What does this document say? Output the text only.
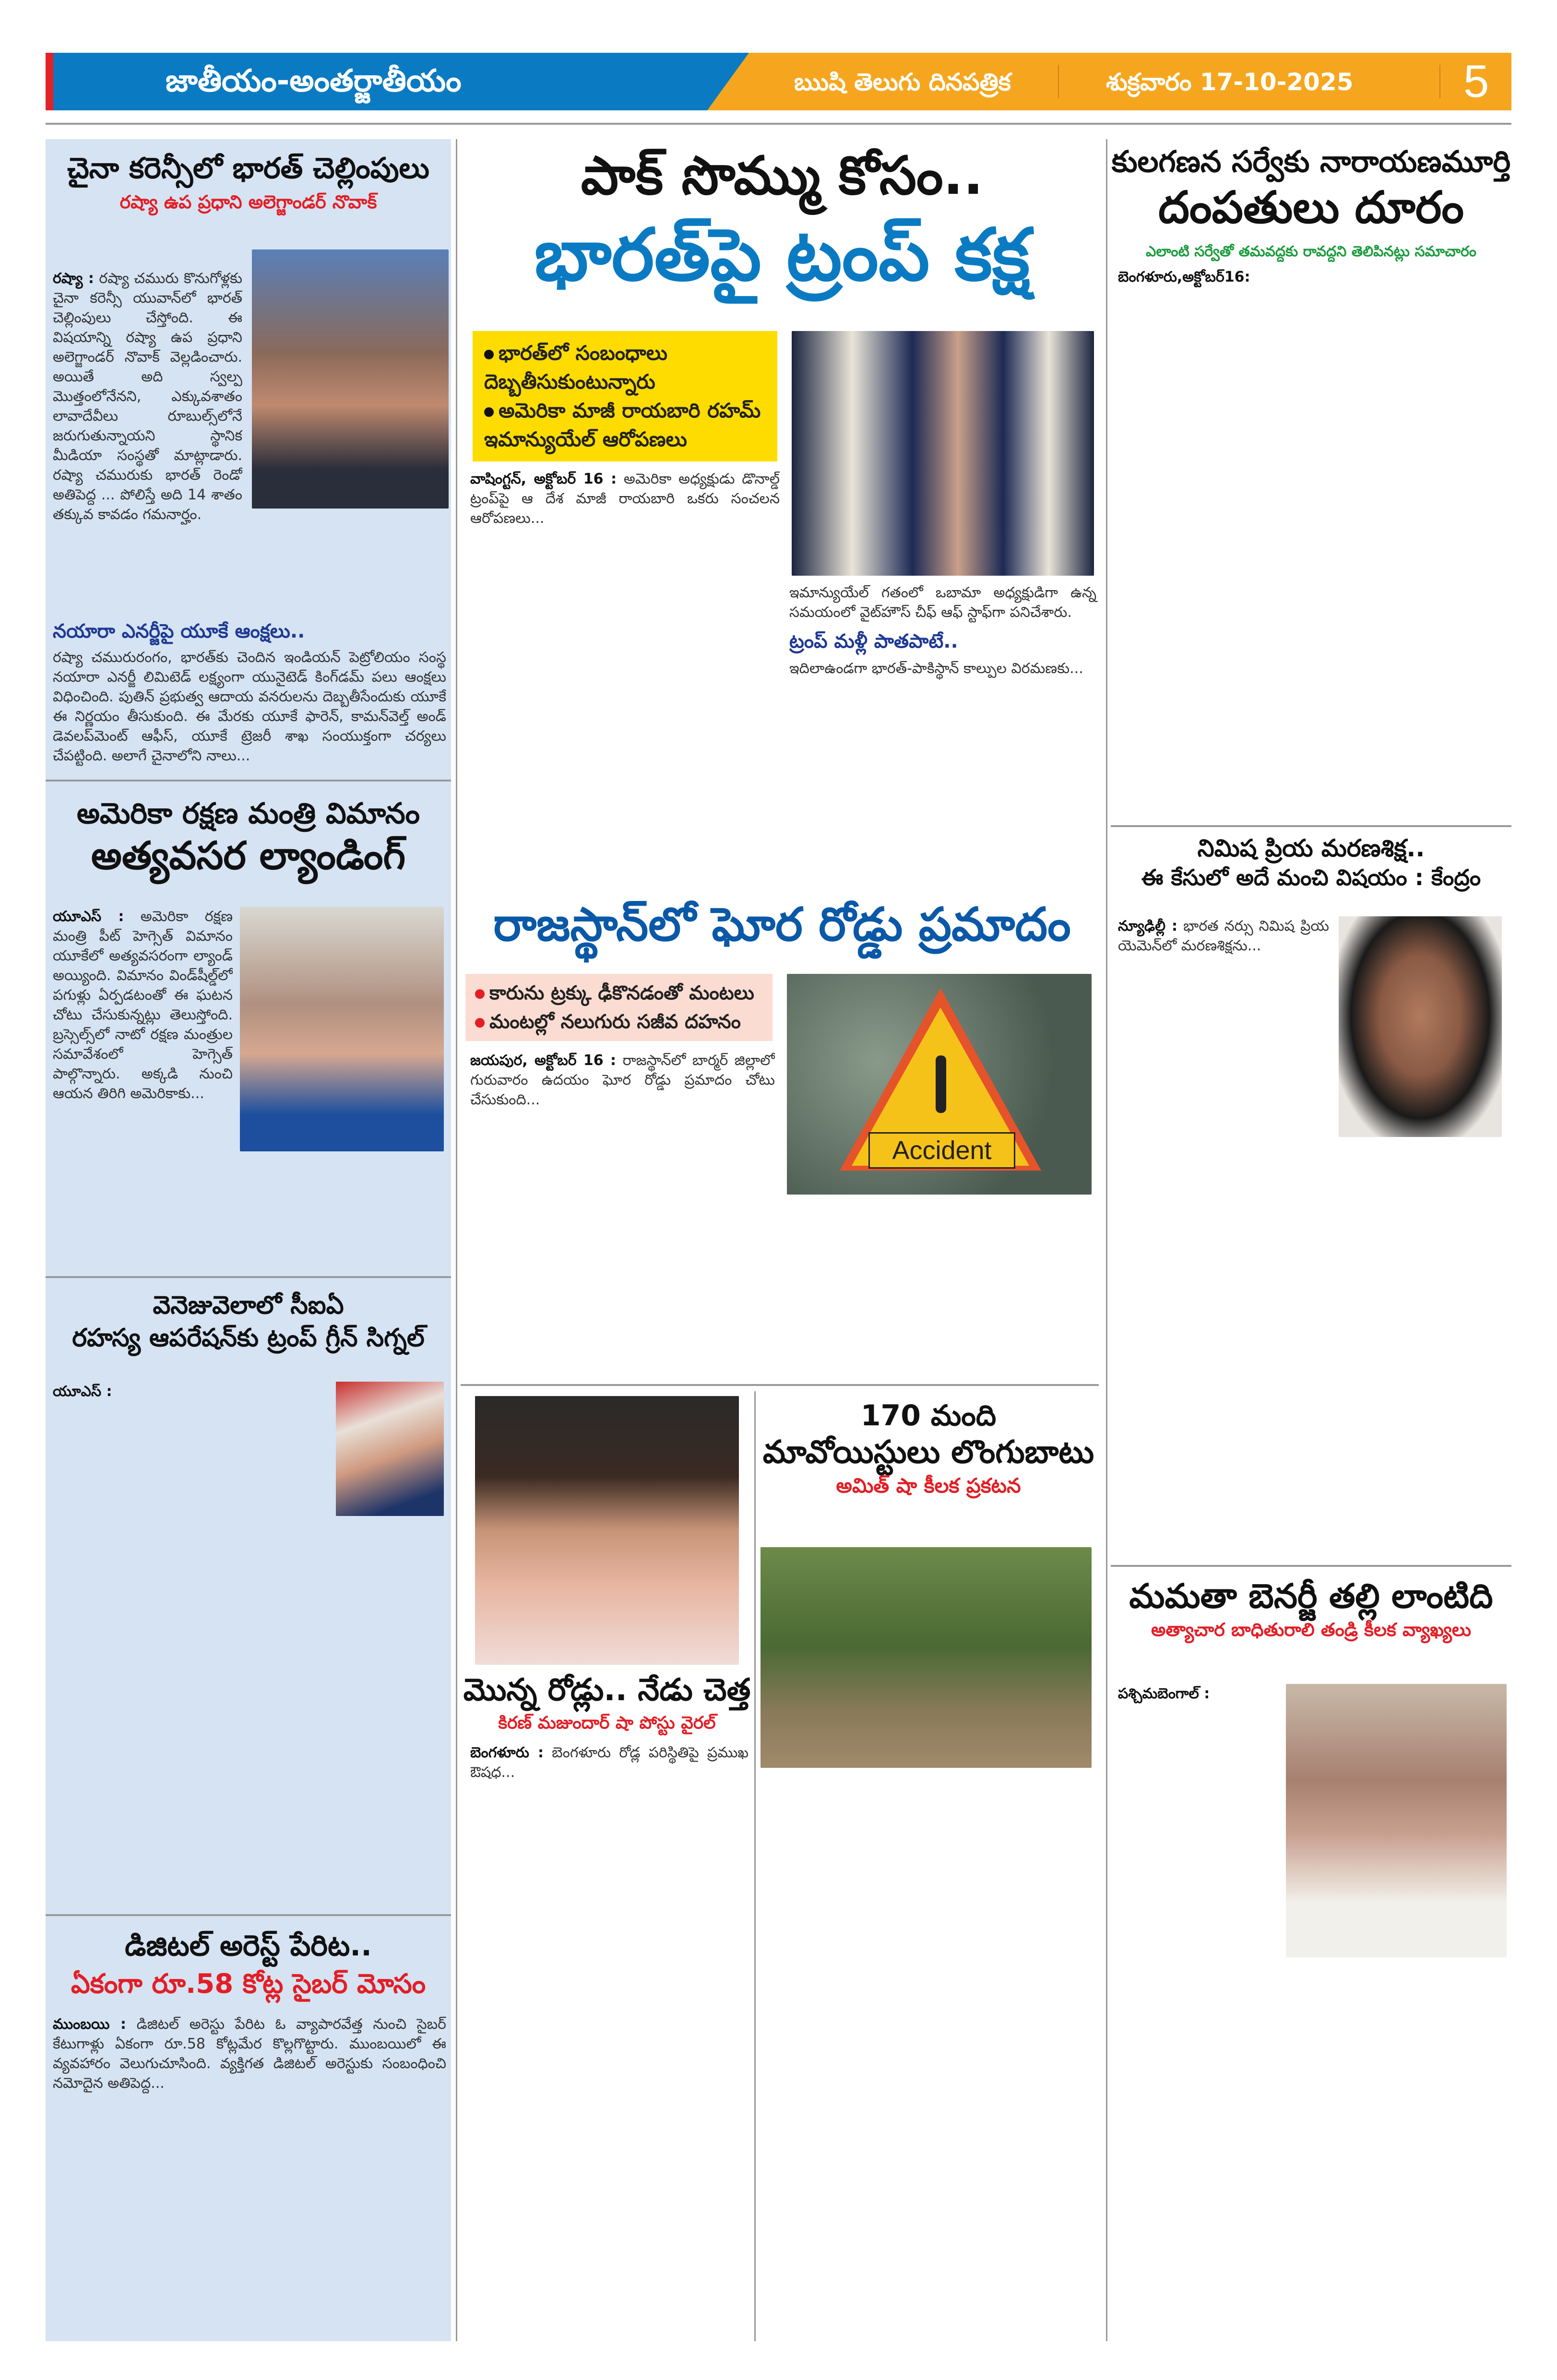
జాతీయం-అంతర్జాతీయం	ఋషి తెలుగు దినపత్రిక	శుక్రవారం 17-10-2025 5
చైనా కరెన్సీలో భారత్ చెల్లింపులు
రష్యా ఉప ప్రధాని అలెగ్జాండర్ నొవాక్
రష్యా : రష్యా చమురు కొనుగోళ్లకు చైనా కరెన్సీ యువాన్‌లో భారత్ చెల్లింపులు చేస్తోంది. ఈ విషయాన్ని రష్యా ఉప ప్రధాని అలెగ్జాండర్ నొవాక్ వెల్లడించారు. అయితే అది స్వల్ప మొత్తంలోనేనని, ఎక్కువశాతం లావాదేవీలు రూబుల్స్‌లోనే జరుగుతున్నాయని స్థానిక మీడియా సంస్థతో మాట్లాడారు. రష్యా చమురుకు భారత్ రెండో అతిపెద్ద ... పోలిస్తే అది 14 శాతం తక్కువ కావడం గమనార్హం.
నయారా ఎనర్జీపై యూకే ఆంక్షలు..
రష్యా చమురురంగం, భారత్‌కు చెందిన ఇండియన్ పెట్రోలియం సంస్థ నయారా ఎనర్జీ లిమిటెడ్ లక్ష్యంగా యునైటెడ్ కింగ్‌డమ్ పలు ఆంక్షలు విధించింది. పుతిన్ ప్రభుత్వ ఆదాయ వనరులను దెబ్బతీసేందుకు యూకే ఈ నిర్ణయం తీసుకుంది. ఈ మేరకు యూకే ఫారెన్, కామన్‌వెల్త్ అండ్ డెవలప్‌మెంట్ ఆఫీస్, యూకే ట్రెజరీ శాఖ సంయుక్తంగా చర్యలు చేపట్టింది. అలాగే చైనాలోని నాలు...
అమెరికా రక్షణ మంత్రి విమానం
అత్యవసర ల్యాండింగ్
యూఎస్ : అమెరికా రక్షణ మంత్రి పీట్ హెగ్సెత్ విమానం యూకేలో అత్యవసరంగా ల్యాండ్ అయ్యింది. విమానం విండ్‌షీల్డ్‌లో పగుళ్లు ఏర్పడటంతో ఈ ఘటన చోటు చేసుకున్నట్లు తెలుస్తోంది. బ్రస్సెల్స్‌లో నాటో రక్షణ మంత్రుల సమావేశంలో హెగ్సెత్ పాల్గొన్నారు. అక్కడి నుంచి ఆయన తిరిగి అమెరికాకు...
వెనెజువెలాలో సీఐఏ
రహస్య ఆపరేషన్‌కు ట్రంప్ గ్రీన్ సిగ్నల్
యూఎస్ :
డిజిటల్ అరెస్ట్ పేరిట..
ఏకంగా రూ.58 కోట్ల సైబర్ మోసం
ముంబయి : డిజిటల్ అరెస్టు పేరిట ఓ వ్యాపారవేత్త నుంచి సైబర్ కేటుగాళ్లు ఏకంగా రూ.58 కోట్లమేర కొల్లగొట్టారు. ముంబయిలో ఈ వ్యవహారం వెలుగుచూసింది. వ్యక్తిగత డిజిటల్ అరెస్టుకు సంబంధించి నమోదైన అతిపెద్ద...
పాక్ సొమ్ము కోసం..
భారత్‌పై ట్రంప్ కక్ష
భారత్‌లో సంబంధాలు దెబ్బతీసుకుంటున్నారు
అమెరికా మాజీ రాయబారి రహమ్ ఇమాన్యుయేల్ ఆరోపణలు
వాషింగ్టన్, అక్టోబర్ 16 : అమెరికా అధ్యక్షుడు డొనాల్డ్ ట్రంప్‌పై ఆ దేశ మాజీ రాయబారి ఒకరు సంచలన ఆరోపణలు...
ఇమాన్యుయేల్ గతంలో ఒబామా అధ్యక్షుడిగా ఉన్న సమయంలో వైట్‌హౌస్ చీఫ్ ఆఫ్ స్టాఫ్‌గా పనిచేశారు.
ట్రంప్ మళ్లీ పాతపాటే..
ఇదిలాఉండగా భారత్-పాకిస్థాన్ కాల్పుల విరమణకు...
రాజస్థాన్‌లో ఘోర రోడ్డు ప్రమాదం
కారును ట్రక్కు ఢీకొనడంతో మంటలు
మంటల్లో నలుగురు సజీవ దహనం
జయపుర, అక్టోబర్ 16 : రాజస్థాన్‌లో బార్మర్ జిల్లాలో గురువారం ఉదయం ఘోర రోడ్డు ప్రమాదం చోటు చేసుకుంది...
Accident
మొన్న రోడ్లు.. నేడు చెత్త
కిరణ్ మజుందార్ షా పోస్టు వైరల్
బెంగళూరు : బెంగళూరు రోడ్ల పరిస్థితిపై ప్రముఖ ఔషధ...
170 మంది
మావోయిస్టులు లొంగుబాటు
అమిత్ షా కీలక ప్రకటన
కులగణన సర్వేకు నారాయణమూర్తి
దంపతులు దూరం
ఎలాంటి సర్వేతో తమవద్దకు రావద్దని తెలిపినట్లు సమాచారం
బెంగళూరు,అక్టోబర్16:
నిమిష ప్రియ మరణశిక్ష..
ఈ కేసులో అదే మంచి విషయం : కేంద్రం
న్యూఢిల్లీ : భారత నర్సు నిమిష ప్రియ యెమెన్‌లో మరణశిక్షను...
మమతా బెనర్జీ తల్లి లాంటిది
అత్యాచార బాధితురాలి తండ్రి కీలక వ్యాఖ్యలు
పశ్చిమబెంగాల్ :
